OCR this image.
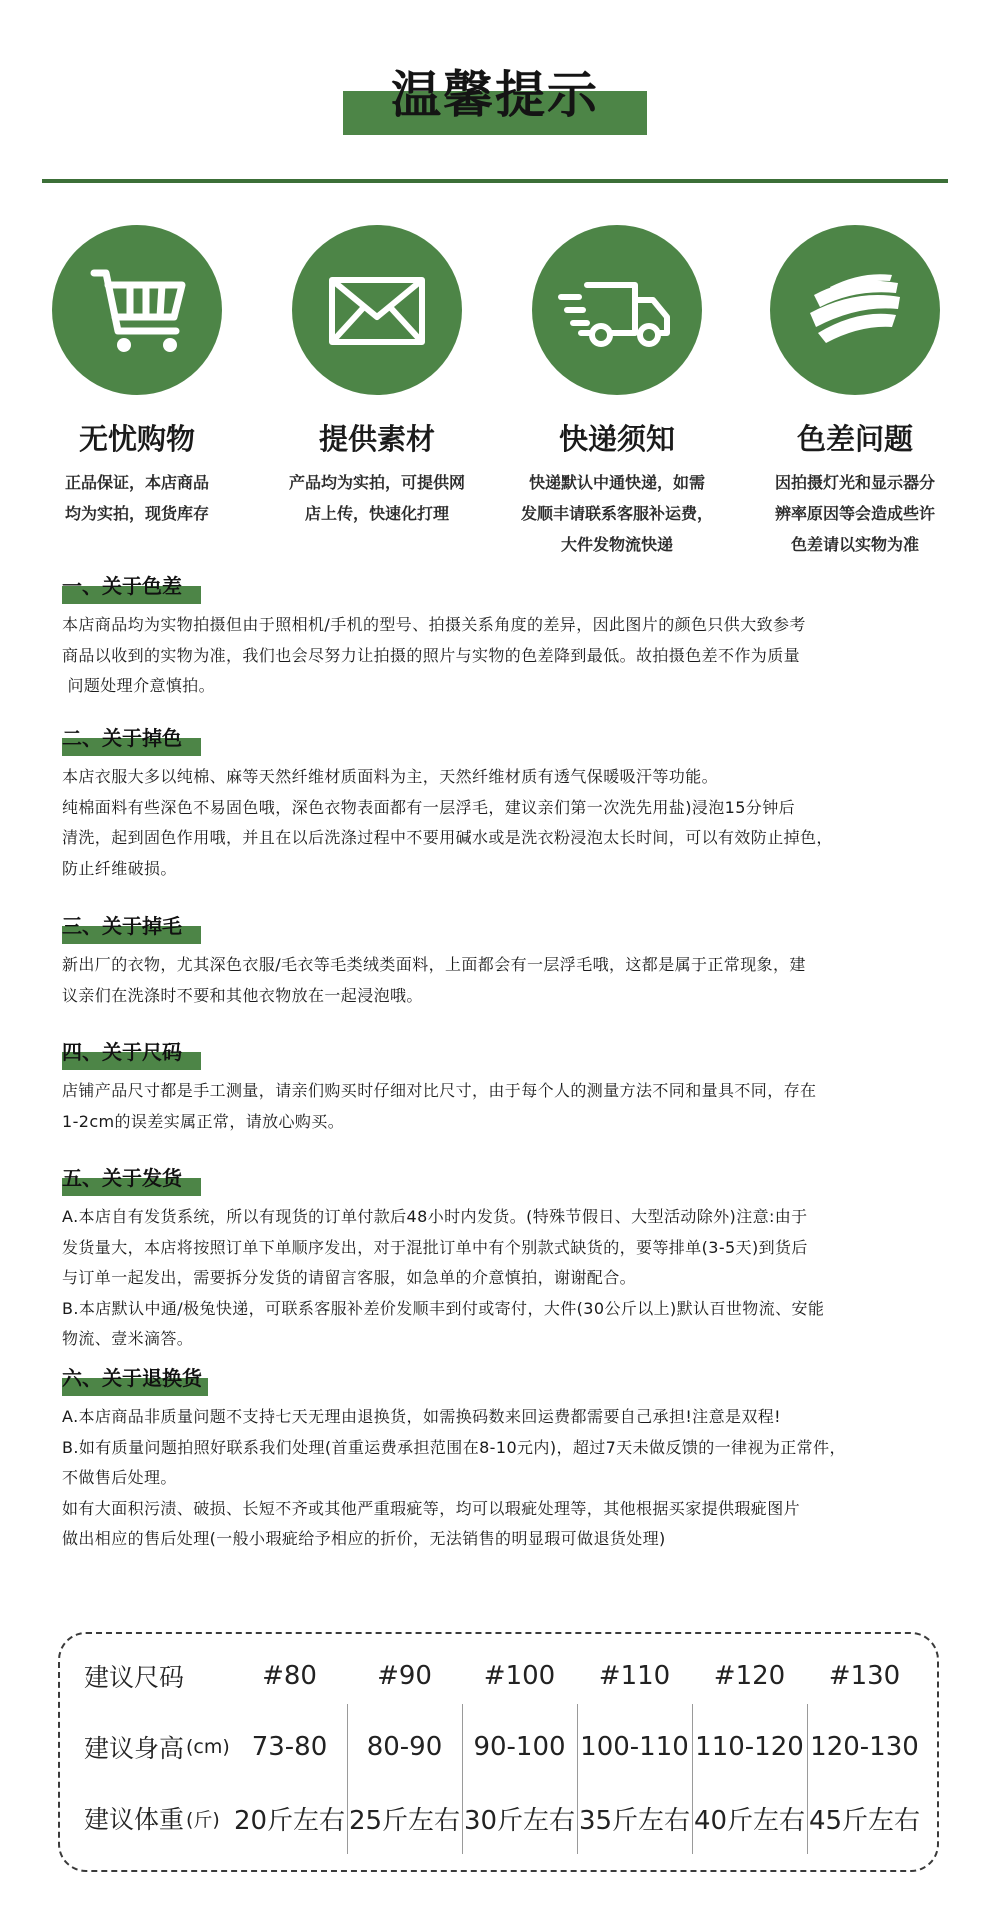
温馨提示
无忧购物
正品保证，本店商品
均为实拍，现货库存
提供素材
产品均为实拍，可提供网
店上传，快速化打理
快递须知
快递默认中通快递，如需
发顺丰请联系客服补运费，
大件发物流快递
色差问题
因拍摄灯光和显示器分
辨率原因等会造成些许
色差请以实物为准
一、关于色差
本店商品均为实物拍摄但由于照相机/手机的型号、拍摄关系角度的差异，因此图片的颜色只供大致参考
商品以收到的实物为准，我们也会尽努力让拍摄的照片与实物的色差降到最低。故拍摄色差不作为质量
问题处理介意慎拍。
二、关于掉色
本店衣服大多以纯棉、麻等天然纤维材质面料为主，天然纤维材质有透气保暖吸汗等功能。
纯棉面料有些深色不易固色哦，深色衣物表面都有一层浮毛，建议亲们第一次洗先用盐)浸泡15分钟后
清洗，起到固色作用哦，并且在以后洗涤过程中不要用碱水或是洗衣粉浸泡太长时间，可以有效防止掉色，
防止纤维破损。
三、关于掉毛
新出厂的衣物，尤其深色衣服/毛衣等毛类绒类面料，上面都会有一层浮毛哦，这都是属于正常现象，建
议亲们在洗涤时不要和其他衣物放在一起浸泡哦。
四、关于尺码
店铺产品尺寸都是手工测量，请亲们购买时仔细对比尺寸，由于每个人的测量方法不同和量具不同，存在
1-2cm的误差实属正常，请放心购买。
五、关于发货
A.本店自有发货系统，所以有现货的订单付款后48小时内发货。(特殊节假日、大型活动除外)注意:由于
发货量大，本店将按照订单下单顺序发出，对于混批订单中有个别款式缺货的，要等排单(3-5天)到货后
与订单一起发出，需要拆分发货的请留言客服，如急单的介意慎拍，谢谢配合。
B.本店默认中通/极兔快递，可联系客服补差价发顺丰到付或寄付，大件(30公斤以上)默认百世物流、安能
物流、壹米滴答。
六、关于退换货
A.本店商品非质量问题不支持七天无理由退换货，如需换码数来回运费都需要自己承担!注意是双程!
B.如有质量问题拍照好联系我们处理(首重运费承担范围在8-10元内)，超过7天未做反馈的一律视为正常件，
不做售后处理。
如有大面积污渍、破损、长短不齐或其他严重瑕疵等，均可以瑕疵处理等，其他根据买家提供瑕疵图片
做出相应的售后处理(一般小瑕疵给予相应的折价，无法销售的明显瑕可做退货处理)
建议尺码	#80	#90	#100	#110	#120	#130
建议身高 (cm) 73-80	80-90	90-100 100-110 110-120 120-130
建议体重 (斤) 20斤左右 25斤左右 30斤左右 35斤左右 40斤左右 45斤左右
